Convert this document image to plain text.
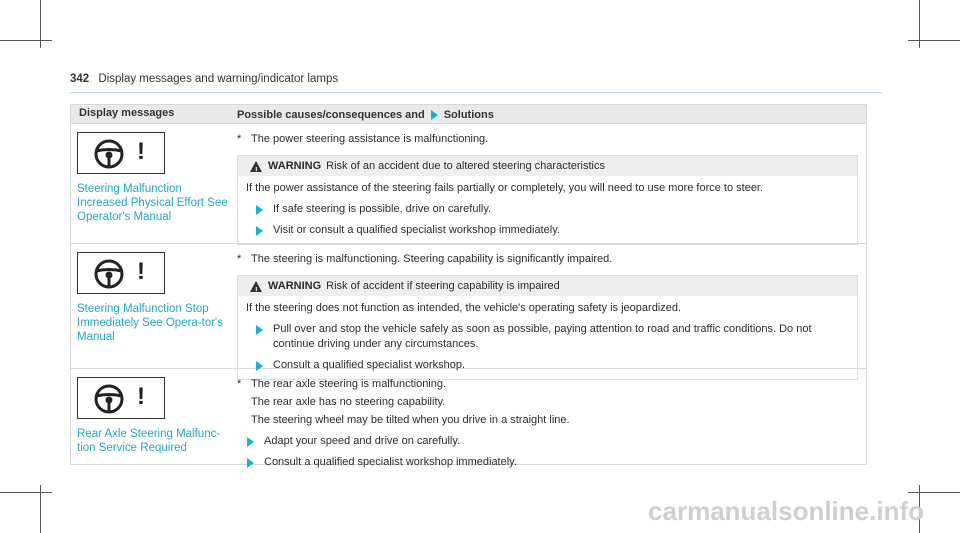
342 Display messages and warning/indicator lamps
Display messages	Possible causes/consequences and Solutions
!
Steering Malfunction Increased Physical Effort See Operator's Manual
* The power steering assistance is malfunctioning.
! WARNING Risk of an accident due to altered steering characteristics
If the power assistance of the steering fails partially or completely, you will need to use more force to steer.
If safe steering is possible, drive on carefully.
Visit or consult a qualified specialist workshop immediately.
!
Steering Malfunction Stop Immediately See Opera-tor's Manual
* The steering is malfunctioning. Steering capability is significantly impaired.
! WARNING Risk of accident if steering capability is impaired
If the steering does not function as intended, the vehicle's operating safety is jeopardized.
Pull over and stop the vehicle safely as soon as possible, paying attention to road and traffic conditions. Do not continue driving under any circumstances.
Consult a qualified specialist workshop.
!
Rear Axle Steering Malfunc-tion Service Required
* The rear axle steering is malfunctioning.
The rear axle has no steering capability.
The steering wheel may be tilted when you drive in a straight line.
Adapt your speed and drive on carefully.
Consult a qualified specialist workshop immediately.
carmanualsonline.info
